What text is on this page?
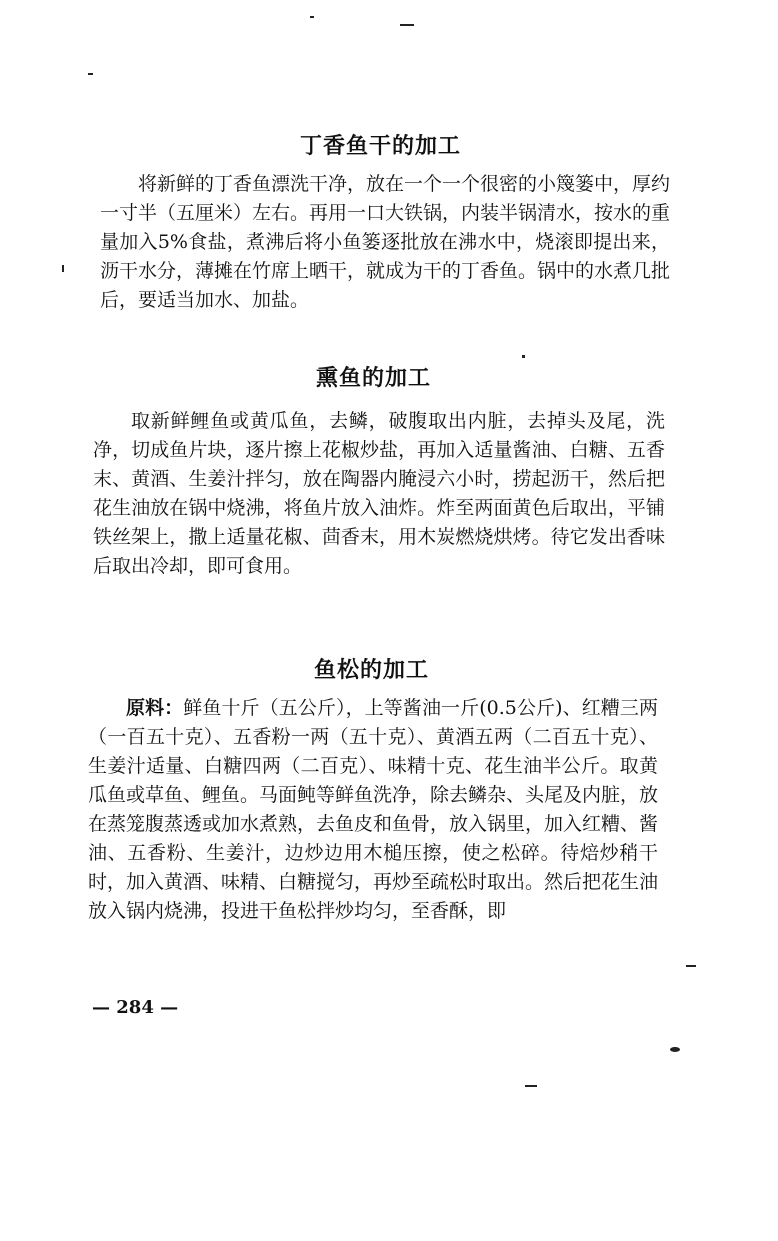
丁香鱼干的加工

将新鲜的丁香鱼漂洗干净，放在一个一个很密的小篾篓中，厚约一寸半（五厘米）左右。再用一口大铁锅，内装半锅清水，按水的重量加入5%食盐，煮沸后将小鱼篓逐批放在沸水中，烧滚即提出来，沥干水分，薄摊在竹席上晒干，就成为干的丁香鱼。锅中的水煮几批后，要适当加水、加盐。

熏鱼的加工

取新鲜鲤鱼或黄瓜鱼，去鳞，破腹取出内脏，去掉头及尾，洗净，切成鱼片块，逐片擦上花椒炒盐，再加入适量酱油、白糖、五香末、黄酒、生姜汁拌匀，放在陶器内腌浸六小时，捞起沥干，然后把花生油放在锅中烧沸，将鱼片放入油炸。炸至两面黄色后取出，平铺铁丝架上，撒上适量花椒、茴香末，用木炭燃烧烘烤。待它发出香味后取出冷却，即可食用。

鱼松的加工

原料：鲜鱼十斤（五公斤），上等酱油一斤(0.5公斤)、红糟三两（一百五十克）、五香粉一两（五十克）、黄酒五两（二百五十克）、生姜汁适量、白糖四两（二百克）、味精十克、花生油半公斤。取黄瓜鱼或草鱼、鲤鱼。马面鲀等鲜鱼洗净，除去鳞杂、头尾及内脏，放在蒸笼腹蒸透或加水煮熟，去鱼皮和鱼骨，放入锅里，加入红糟、酱油、五香粉、生姜汁，边炒边用木槌压擦，使之松碎。待焙炒稍干时，加入黄酒、味精、白糖搅匀，再炒至疏松时取出。然后把花生油放入锅内烧沸，投进干鱼松拌炒均匀，至香酥，即

— 284 —
